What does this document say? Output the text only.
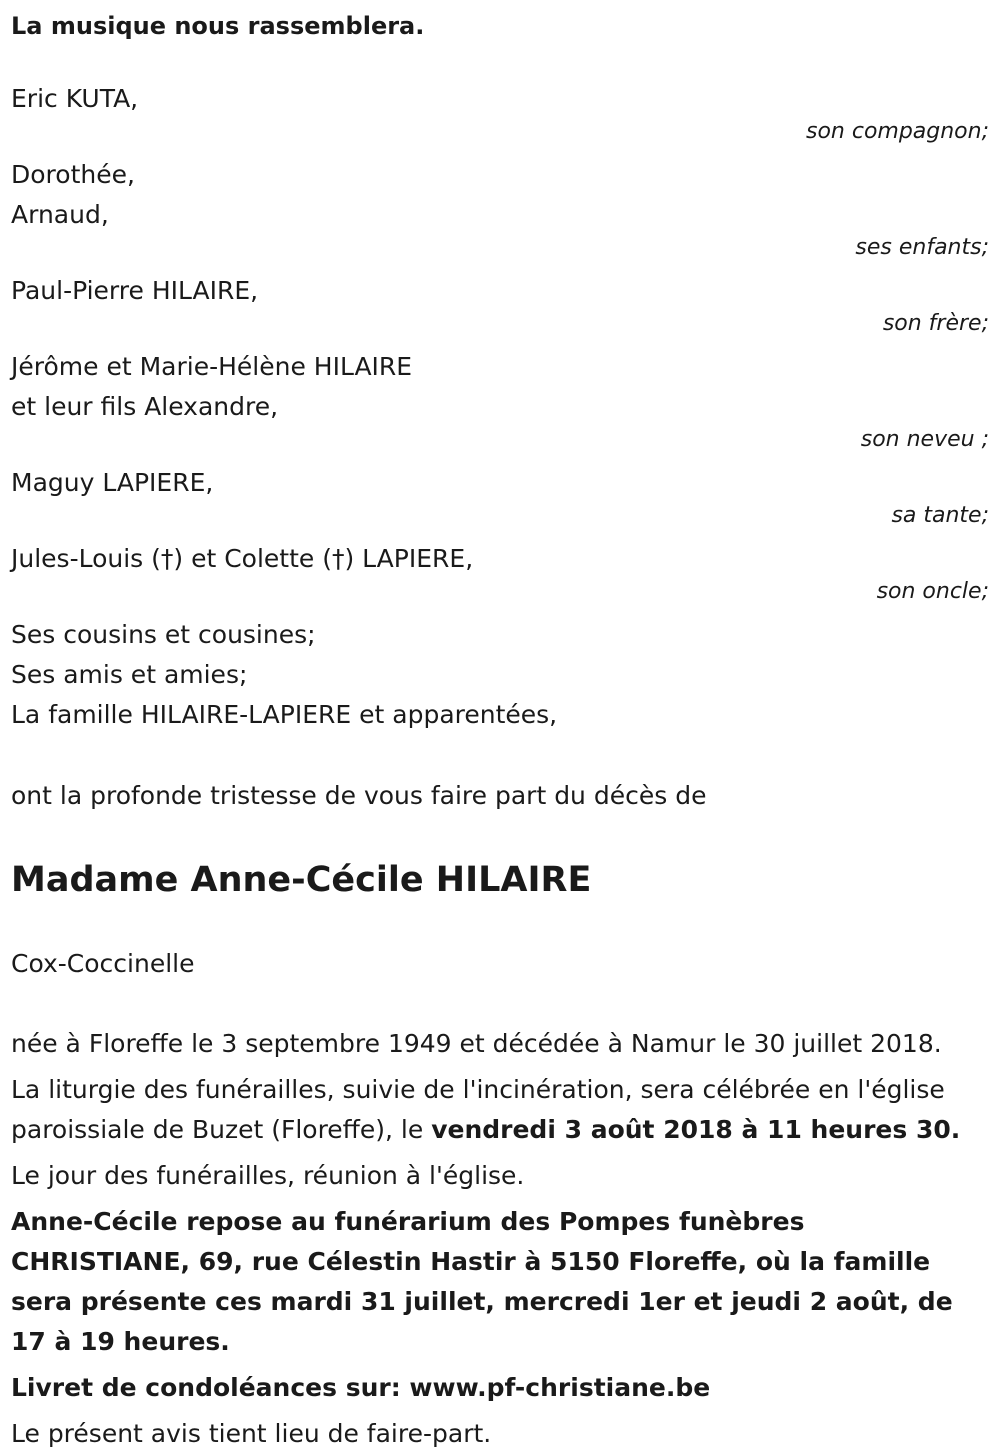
La musique nous rassemblera.

Eric KUTA,

son compagnon;

Dorothée,

Arnaud,

ses enfants;

Paul-Pierre HILAIRE,

son frère;

Jérôme et Marie-Hélène HILAIRE

et leur fils Alexandre,

son neveu ;

Maguy LAPIERE,

sa tante;

Jules-Louis (†) et Colette (†) LAPIERE,

son oncle;

Ses cousins et cousines;

Ses amis et amies;

La famille HILAIRE-LAPIERE et apparentées,

ont la profonde tristesse de vous faire part du décès de

Madame Anne-Cécile HILAIRE

Cox-Coccinelle

née à Floreffe le 3 septembre 1949 et décédée à Namur le 30 juillet 2018.

La liturgie des funérailles, suivie de l'incinération, sera célébrée en l'église paroissiale de Buzet (Floreffe), le vendredi 3 août 2018 à 11 heures 30.

Le jour des funérailles, réunion à l'église.

Anne-Cécile repose au funérarium des Pompes funèbres CHRISTIANE, 69, rue Célestin Hastir à 5150 Floreffe, où la famille sera présente ces mardi 31 juillet, mercredi 1er et jeudi 2 août, de 17 à 19 heures.

Livret de condoléances sur: www.pf-christiane.be

Le présent avis tient lieu de faire-part.
